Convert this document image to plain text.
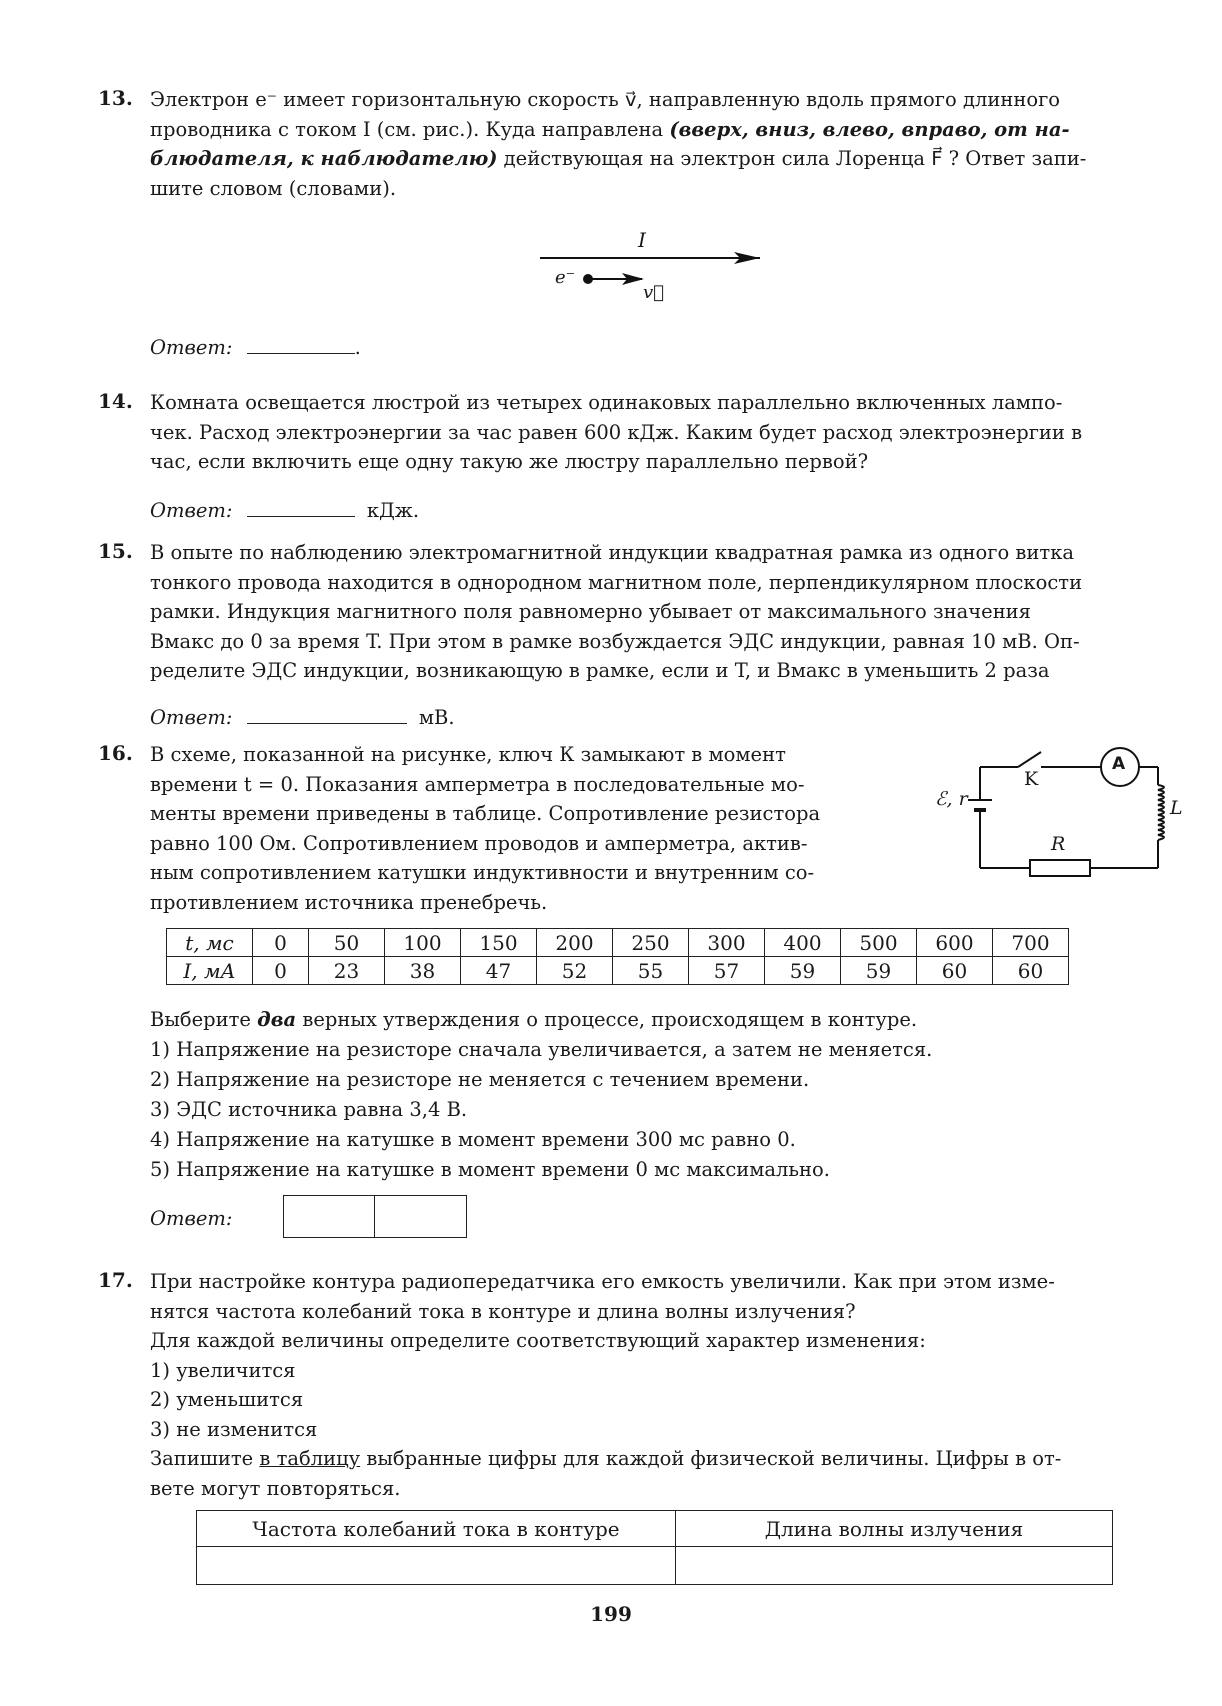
13. Электрон e⁻ имеет горизонтальную скорость v⃗, направленную вдоль прямого длинного
проводника с током I (см. рис.). Куда направлена (вверх, вниз, влево, вправо, от на-
блюдателя, к наблюдателю) действующая на электрон сила Лоренца F⃗ ? Ответ запи-
шите словом (словами).
I
e⁻
v⃗
Ответ:	.
14. Комната освещается люстрой из четырех одинаковых параллельно включенных лампо-
чек. Расход электроэнергии за час равен 600 кДж. Каким будет расход электроэнергии в
час, если включить еще одну такую же люстру параллельно первой?
Ответ:	кДж.
15. В опыте по наблюдению электромагнитной индукции квадратная рамка из одного витка
тонкого провода находится в однородном магнитном поле, перпендикулярном плоскости
рамки. Индукция магнитного поля равномерно убывает от максимального значения
Bмакс до 0 за время T. При этом в рамке возбуждается ЭДС индукции, равная 10 мВ. Оп-
ределите ЭДС индукции, возникающую в рамке, если и T, и Bмакс в уменьшить 2 раза
Ответ:	мВ.
16. В схеме, показанной на рисунке, ключ К замыкают в момент
времени t = 0. Показания амперметра в последовательные мо-
менты времени приведены в таблице. Сопротивление резистора
равно 100 Ом. Сопротивлением проводов и амперметра, актив-
ным сопротивлением катушки индуктивности и внутренним со-
противлением источника пренебречь.
A
K
ℰ, r	L
R
t, мс	0	50	100	150	200	250	300	400	500	600	700
I, мА	0	23	38	47	52	55	57	59	59	60	60
Выберите два верных утверждения о процессе, происходящем в контуре.
1) Напряжение на резисторе сначала увеличивается, а затем не меняется.
2) Напряжение на резисторе не меняется с течением времени.
3) ЭДС источника равна 3,4 В.
4) Напряжение на катушке в момент времени 300 мс равно 0.
5) Напряжение на катушке в момент времени 0 мс максимально.
Ответ:
17. При настройке контура радиопередатчика его емкость увеличили. Как при этом изме-
нятся частота колебаний тока в контуре и длина волны излучения?
Для каждой величины определите соответствующий характер изменения:
1) увеличится
2) уменьшится
3) не изменится
Запишите в таблицу выбранные цифры для каждой физической величины. Цифры в от-
вете могут повторяться.
Частота колебаний тока в контуре	Длина волны излучения

199
